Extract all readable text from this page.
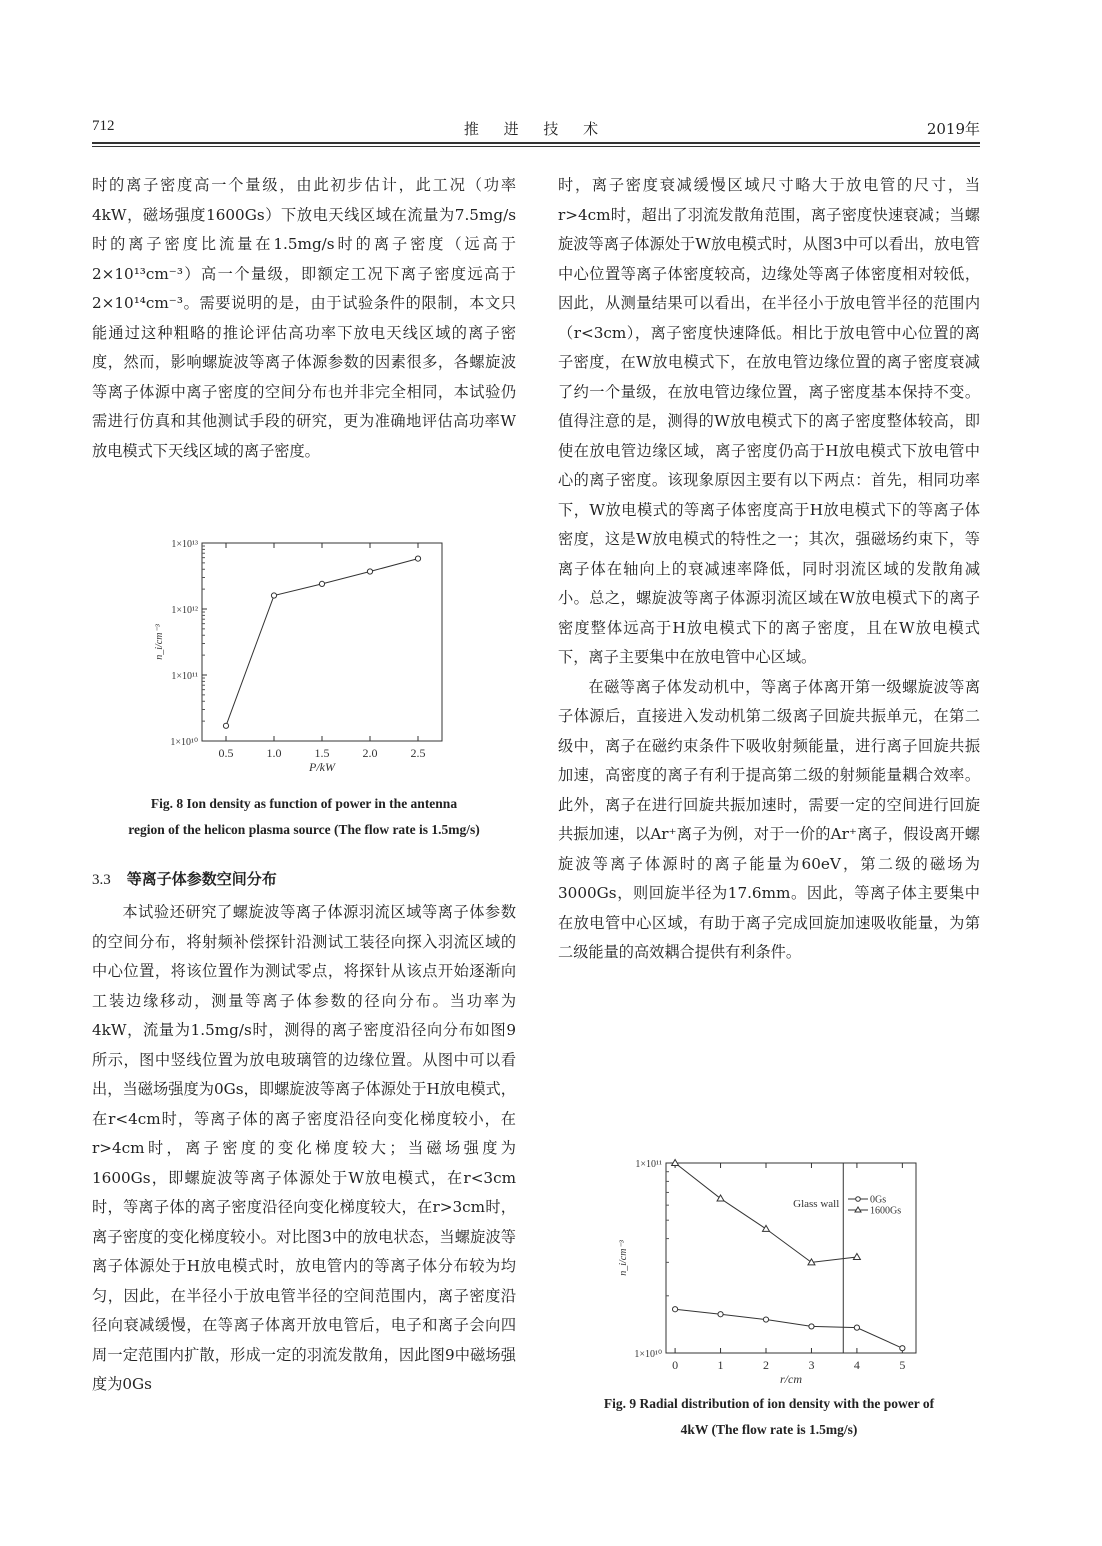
712	推 进 技 术	2019年

时的离子密度高一个量级，由此初步估计，此工况（功率4kW，磁场强度1600Gs）下放电天线区域在流量为7.5mg/s时的离子密度比流量在1.5mg/s时的离子密度（远高于2×10¹³cm⁻³）高一个量级，即额定工况下离子密度远高于2×10¹⁴cm⁻³。需要说明的是，由于试验条件的限制，本文只能通过这种粗略的推论评估高功率下放电天线区域的离子密度，然而，影响螺旋波等离子体源参数的因素很多，各螺旋波等离子体源中离子密度的空间分布也并非完全相同，本试验仍需进行仿真和其他测试手段的研究，更为准确地评估高功率W放电模式下天线区域的离子密度。

0.5	1.0	1.5	2.0	2.5
1×10¹⁰
1×10¹¹
1×10¹²
1×10¹³
P/kW
n_i/cm⁻³
Fig. 8 Ion density as function of power in the antenna
region of the helicon plasma source (The flow rate is 1.5mg/s)
3.3 等离子体参数空间分布

本试验还研究了螺旋波等离子体源羽流区域等离子体参数的空间分布，将射频补偿探针沿测试工装径向探入羽流区域的中心位置，将该位置作为测试零点，将探针从该点开始逐渐向工装边缘移动，测量等离子体参数的径向分布。当功率为4kW，流量为1.5mg/s时，测得的离子密度沿径向分布如图9所示，图中竖线位置为放电玻璃管的边缘位置。从图中可以看出，当磁场强度为0Gs，即螺旋波等离子体源处于H放电模式，在r<4cm时，等离子体的离子密度沿径向变化梯度较小，在r>4cm时，离子密度的变化梯度较大；当磁场强度为1600Gs，即螺旋波等离子体源处于W放电模式，在r<3cm时，等离子体的离子密度沿径向变化梯度较大，在r>3cm时，离子密度的变化梯度较小。对比图3中的放电状态，当螺旋波等离子体源处于H放电模式时，放电管内的等离子体分布较为均匀，因此，在半径小于放电管半径的空间范围内，离子密度沿径向衰减缓慢，在等离子体离开放电管后，电子和离子会向四周一定范围内扩散，形成一定的羽流发散角，因此图9中磁场强度为0Gs

时，离子密度衰减缓慢区域尺寸略大于放电管的尺寸，当r>4cm时，超出了羽流发散角范围，离子密度快速衰减；当螺旋波等离子体源处于W放电模式时，从图3中可以看出，放电管中心位置等离子体密度较高，边缘处等离子体密度相对较低，因此，从测量结果可以看出，在半径小于放电管半径的范围内（r<3cm），离子密度快速降低。相比于放电管中心位置的离子密度，在W放电模式下，在放电管边缘位置的离子密度衰减了约一个量级，在放电管边缘位置，离子密度基本保持不变。值得注意的是，测得的W放电模式下的离子密度整体较高，即使在放电管边缘区域，离子密度仍高于H放电模式下放电管中心的离子密度。该现象原因主要有以下两点：首先，相同功率下，W放电模式的等离子体密度高于H放电模式下的等离子体密度，这是W放电模式的特性之一；其次，强磁场约束下，等离子体在轴向上的衰减速率降低，同时羽流区域的发散角减小。总之，螺旋波等离子体源羽流区域在W放电模式下的离子密度整体远高于H放电模式下的离子密度，且在W放电模式下，离子主要集中在放电管中心区域。

在磁等离子体发动机中，等离子体离开第一级螺旋波等离子体源后，直接进入发动机第二级离子回旋共振单元，在第二级中，离子在磁约束条件下吸收射频能量，进行离子回旋共振加速，高密度的离子有利于提高第二级的射频能量耦合效率。此外，离子在进行回旋共振加速时，需要一定的空间进行回旋共振加速，以Ar⁺离子为例，对于一价的Ar⁺离子，假设离开螺旋波等离子体源时的离子能量为60eV，第二级的磁场为3000Gs，则回旋半径为17.6mm。因此，等离子体主要集中在放电管中心区域，有助于离子完成回旋加速吸收能量，为第二级能量的高效耦合提供有利条件。

0	1	2	3	4	5
1×10¹⁰
1×10¹¹
r/cm
n_i/cm⁻³
Glass wall	0Gs
1600Gs
Fig. 9 Radial distribution of ion density with the power of
4kW (The flow rate is 1.5mg/s)
